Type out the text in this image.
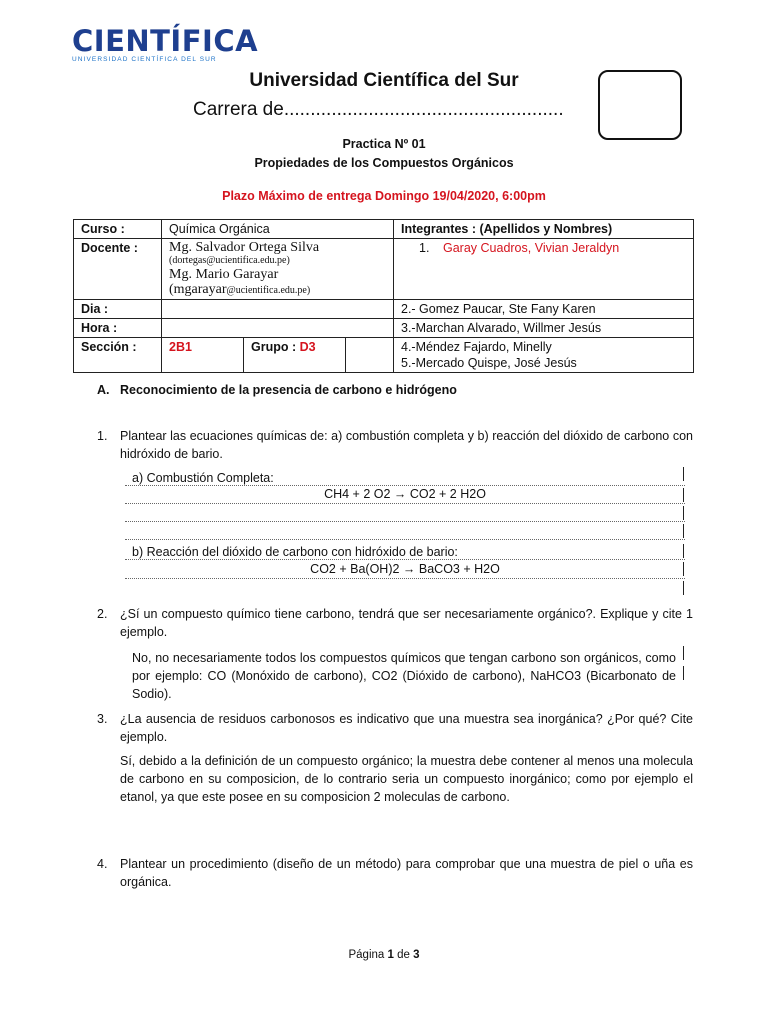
CIENTÍFICA
UNIVERSIDAD CIENTÍFICA DEL SUR
Universidad Científica del Sur
Carrera de.....................................................
Practica Nº 01
Propiedades de los Compuestos Orgánicos
Plazo Máximo de entrega Domingo 19/04/2020, 6:00pm
Curso :	Química Orgánica			Integrantes : (Apellidos y Nombres)
Docente :	Mg. Salvador Ortega Silva
(dortegas@ucientifica.edu.pe)
Mg. Mario Garayar
(mgarayar@ucientifica.edu.pe)			1. Garay Cuadros, Vivian Jeraldyn
Dia :				2.- Gomez Paucar, Ste Fany Karen
Hora :				3.-Marchan Alvarado, Willmer Jesús
Sección :	2B1	Grupo : D3		4.-Méndez Fajardo, Minelly
5.-Mercado Quispe, José Jesús
A. Reconocimiento de la presencia de carbono e hidrógeno
1. Plantear las ecuaciones químicas de: a) combustión completa y b) reacción del dióxido de carbono con hidróxido de bario.
a) Combustión Completa:
CH4 + 2 O2 → CO2 + 2 H2O
b) Reacción del dióxido de carbono con hidróxido de bario:
CO2 + Ba(OH)2 → BaCO3 + H2O
2. ¿Sí un compuesto químico tiene carbono, tendrá que ser necesariamente orgánico?. Explique y cite 1 ejemplo.
No, no necesariamente todos los compuestos químicos que tengan carbono son orgánicos, como por ejemplo: CO (Monóxido de carbono), CO2 (Dióxido de carbono), NaHCO3 (Bicarbonato de Sodio).
3. ¿La ausencia de residuos carbonosos es indicativo que una muestra sea inorgánica? ¿Por qué? Cite ejemplo.
Sí, debido a la definición de un compuesto orgánico; la muestra debe contener al menos una molecula de carbono en su composicion, de lo contrario seria un compuesto inorgánico; como por ejemplo el etanol, ya que este posee en su composicion 2 moleculas de carbono.
4. Plantear un procedimiento (diseño de un método) para comprobar que una muestra de piel o uña es orgánica.
Página 1 de 3
